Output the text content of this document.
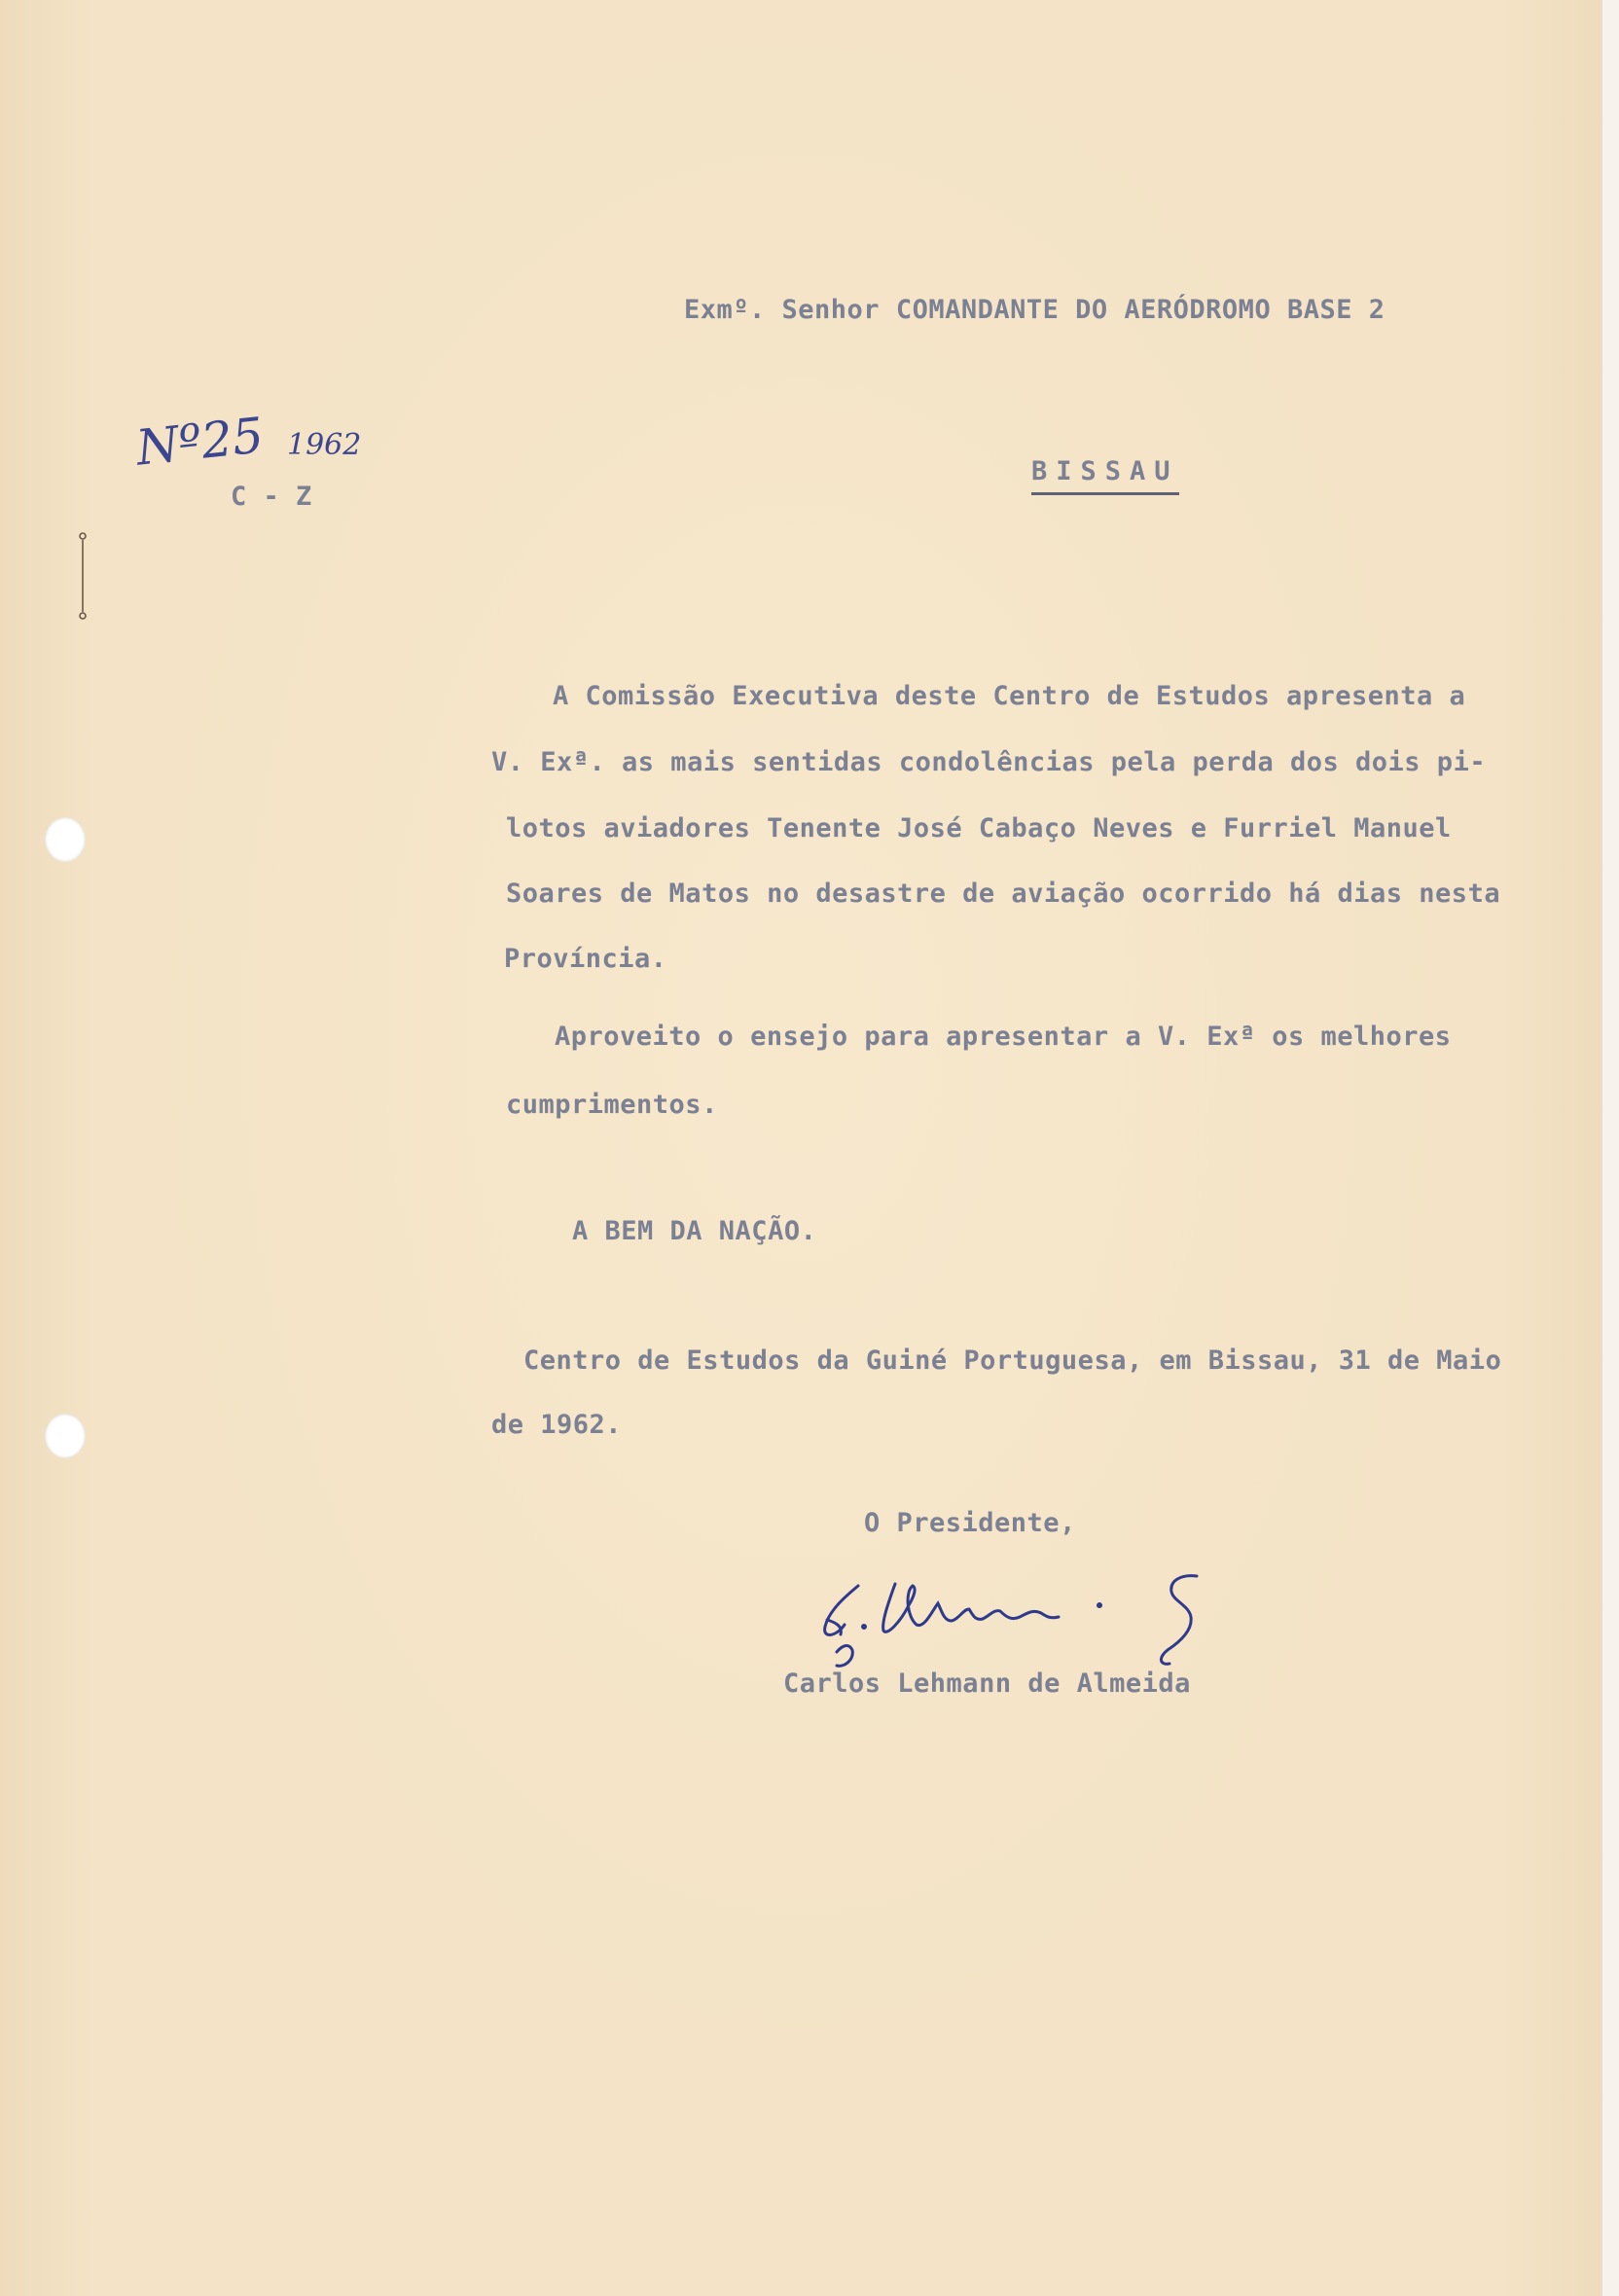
Exmº. Senhor COMANDANTE DO AERÓDROMO BASE 2
BISSAU
Nº25 1962
C - Z
A Comissão Executiva deste Centro de Estudos apresenta a
V. Exª. as mais sentidas condolências pela perda dos dois pi-
lotos aviadores Tenente José Cabaço Neves e Furriel Manuel
Soares de Matos no desastre de aviação ocorrido há dias nesta
Província.
Aproveito o ensejo para apresentar a V. Exª os melhores
cumprimentos.
A BEM DA NAÇÃO.
Centro de Estudos da Guiné Portuguesa, em Bissau, 31 de Maio
de 1962.
O Presidente,
Carlos Lehmann de Almeida
